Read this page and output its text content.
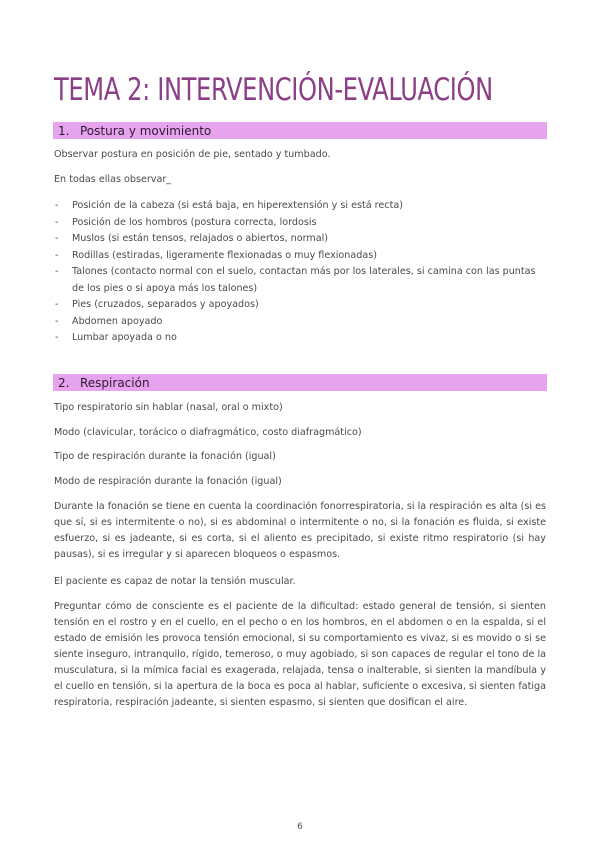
TEMA 2: INTERVENCIÓN-EVALUACIÓN
1. Postura y movimiento

Observar postura en posición de pie, sentado y tumbado.

En todas ellas observar_

- Posición de la cabeza (si está baja, en hiperextensión y si está recta)
- Posición de los hombros (postura correcta, lordosis
- Muslos (si están tensos, relajados o abiertos, normal)
- Rodillas (estiradas, ligeramente flexionadas o muy flexionadas)
- Talones (contacto normal con el suelo, contactan más por los laterales, si camina con las puntas de los pies o si apoya más los talones)
- Pies (cruzados, separados y apoyados)
- Abdomen apoyado
- Lumbar apoyada o no
2. Respiración

Tipo respiratorio sin hablar (nasal, oral o mixto)

Modo (clavicular, torácico o diafragmático, costo diafragmático)

Tipo de respiración durante la fonación (igual)

Modo de respiración durante la fonación (igual)

Durante la fonación se tiene en cuenta la coordinación fonorrespiratoria, si la respiración es alta (si es que sí, si es intermitente o no), si es abdominal o intermitente o no, si la fonación es fluida, si existe esfuerzo, si es jadeante, si es corta, si el aliento es precipitado, si existe ritmo respiratorio (si hay pausas), si es irregular y si aparecen bloqueos o espasmos.

El paciente es capaz de notar la tensión muscular.

Preguntar cómo de consciente es el paciente de la dificultad: estado general de tensión, si sienten tensión en el rostro y en el cuello, en el pecho o en los hombros, en el abdomen o en la espalda, si el estado de emisión les provoca tensión emocional, si su comportamiento es vivaz, si es movido o si se siente inseguro, intranquilo, rígido, temeroso, o muy agobiado, si son capaces de regular el tono de la musculatura, si la mímica facial es exagerada, relajada, tensa o inalterable, si sienten la mandíbula y el cuello en tensión, si la apertura de la boca es poca al hablar, suficiente o excesiva, si sienten fatiga respiratoria, respiración jadeante, si sienten espasmo, si sienten que dosifican el aire.

6
